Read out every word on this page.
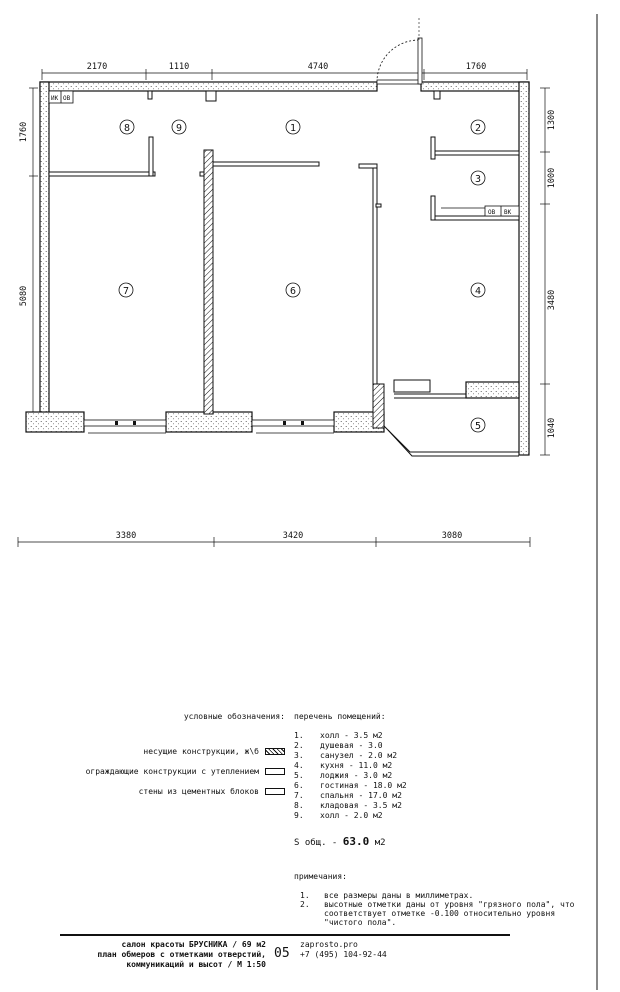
2170	1110	4740	1760
1760
5080
1300
1000
3480
1040
3380	3420	3080
ИК ОВ
ОВ ВК
1	2
3
4
5
6
7
8	9
условные обозначения:
несущие конструкции, ж\б
ограждающие конструкции с утеплением
стены из цементных блоков
перечень помещений:
1.	холл - 3.5 м2
2.	душевая - 3.0
3.	санузел - 2.0 м2
4.	кухня - 11.0 м2
5.	лоджия - 3.0 м2
6.	гостиная - 18.0 м2
7.	спальня - 17.0 м2
8.	кладовая - 3.5 м2
9.	холл - 2.0 м2
S общ. - 63.0 м2
примечания:
1.	все размеры даны в миллиметрах.
2.	высотные отметки даны от уровня "грязного пола", что соответствует отметке -0.100 относительно уровня "чистого пола".
салон красоты БРУСНИКА / 69 м2
план обмеров с отметками отверстий,
коммуникаций и высот / М 1:50
05
zaprosto.pro
+7 (495) 104-92-44
